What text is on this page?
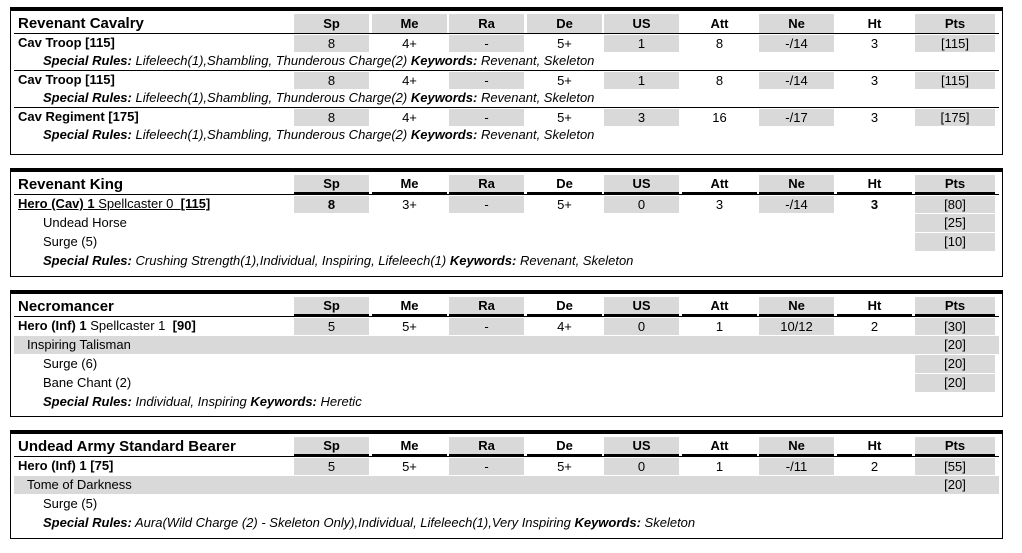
Revenant Cavalry	Sp	Me	Ra	De	US	Att	Ne	Ht	Pts
Cav Troop [115]	8	4+	-	5+	1	8	-/14	3	[115]
Special Rules: Lifeleech(1),Shambling, Thunderous Charge(2) Keywords: Revenant, Skeleton
Cav Troop [115]	8	4+	-	5+	1	8	-/14	3	[115]
Special Rules: Lifeleech(1),Shambling, Thunderous Charge(2) Keywords: Revenant, Skeleton
Cav Regiment [175]	8	4+	-	5+	3	16	-/17	3	[175]
Special Rules: Lifeleech(1),Shambling, Thunderous Charge(2) Keywords: Revenant, Skeleton
Revenant King	Sp	Me	Ra	De	US	Att	Ne	Ht	Pts
Hero (Cav) 1 Spellcaster 0 [115]	8	3+	-	5+	0	3	-/14	3	[80]
Undead Horse	[25]
Surge (5)	[10]
Special Rules: Crushing Strength(1),Individual, Inspiring, Lifeleech(1) Keywords: Revenant, Skeleton
Necromancer	Sp	Me	Ra	De	US	Att	Ne	Ht	Pts
Hero (Inf) 1 Spellcaster 1 [90]	5	5+	-	4+	0	1	10/12	2	[30]
Inspiring Talisman	[20]
Surge (6)	[20]
Bane Chant (2)	[20]
Special Rules: Individual, Inspiring Keywords: Heretic
Undead Army Standard Bearer	Sp	Me	Ra	De	US	Att	Ne	Ht	Pts
Hero (Inf) 1 [75]	5	5+	-	5+	0	1	-/11	2	[55]
Tome of Darkness	[20]
Surge (5)
Special Rules: Aura(Wild Charge (2) - Skeleton Only),Individual, Lifeleech(1),Very Inspiring Keywords: Skeleton
